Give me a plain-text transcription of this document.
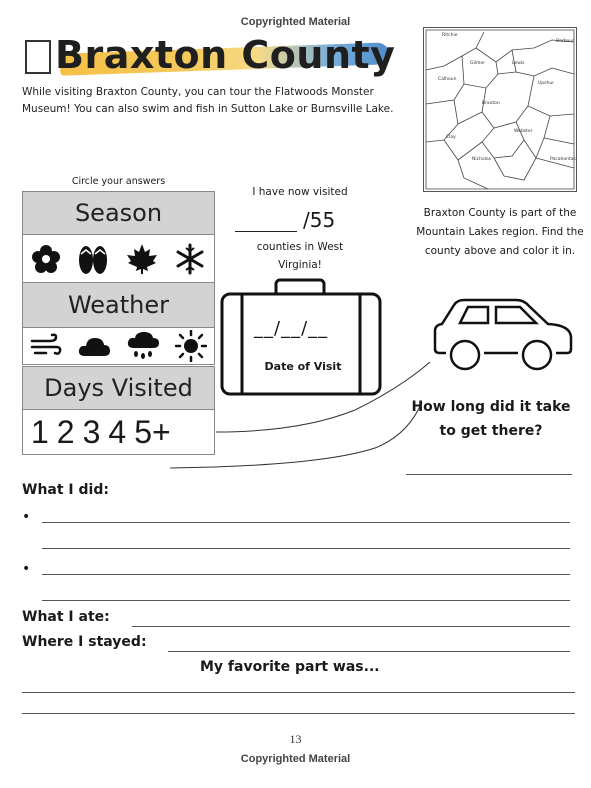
Copyrighted Material
Braxton County
While visiting Braxton County, you can tour the Flatwoods Monster Museum! You can also swim and fish in Sutton Lake or Burnsville Lake.
Ritchie
Gilmer
Calhoun
Lewis
Upshur
Braxton
Clay
Webster
Nicholas	Pocahontas
Barbour
Braxton County is part of the Mountain Lakes region. Find the county above and color it in.
Circle your answers
Season
Weather
Days Visited
1 2 3 4 5+
I have now visited
/55
counties in West Virginia!
__/__/__
Date of Visit
How long did it take to get there?
What I did:
•
•
What I ate:
Where I stayed:
My favorite part was...
13
Copyrighted Material
